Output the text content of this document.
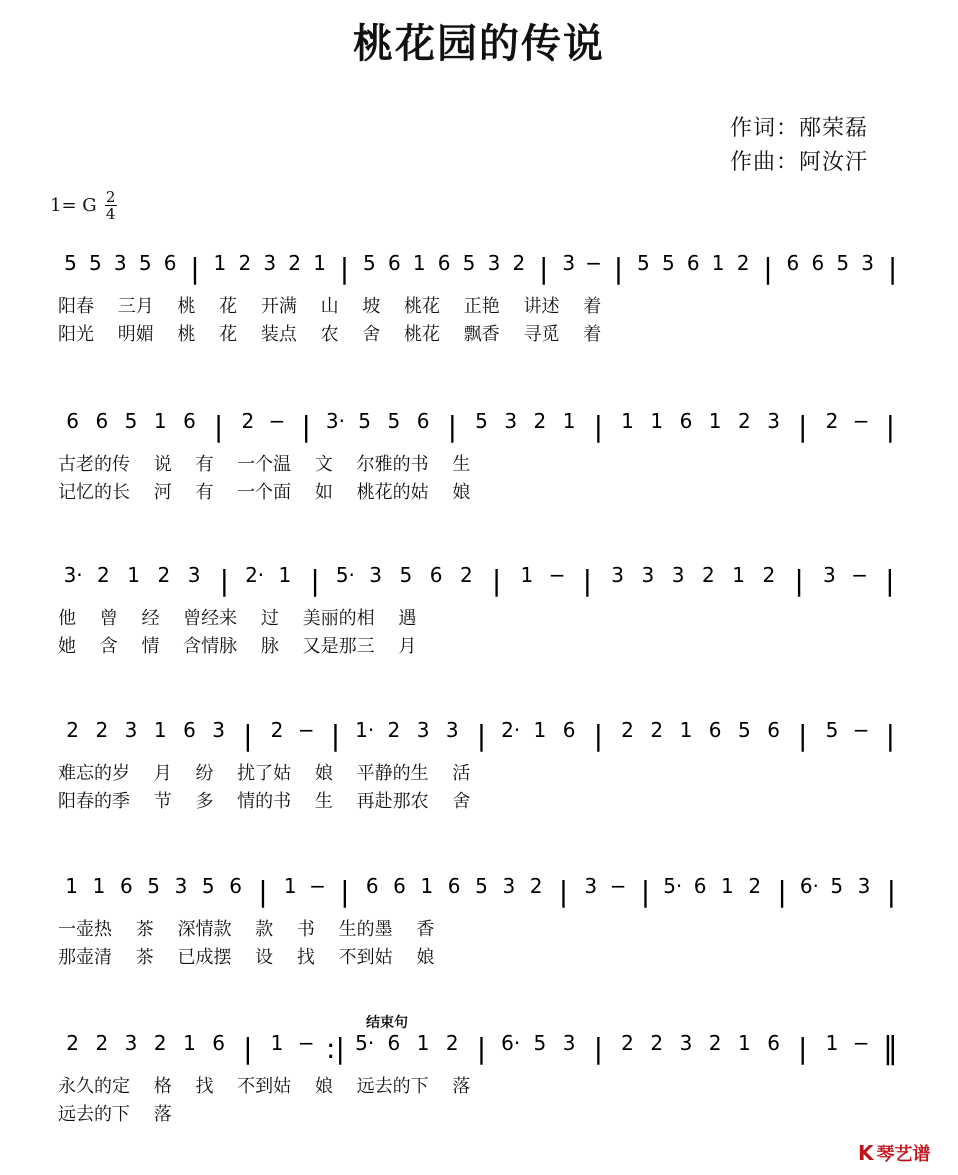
桃花园的传说
作词：邴荣磊
作曲：阿汝汗
1= G 2
4
结束句
5 5 3 5 6 | 1 2 3 2 1 | 5 6 1 6 5 3 2 | 3 − | 5 5 6 1 2 | 6 6 5 3 |
6 6 5 1 6 | 2 − | 3· 5 5 6 | 5 3 2 1 | 1 1 6 1 2 3 | 2 − |
3· 2 1 2 3 | 2· 1 | 5· 3 5 6 2 | 1 − | 3 3 3 2 1 2 | 3 − |
2 2 3 1 6 3 | 2 − | 1· 2 3 3 | 2· 1 6 | 2 2 1 6 5 6 | 5 − |
1 1 6 5 3 5 6 | 1 − | 6 6 1 6 5 3 2 | 3 − | 5· 6 1 2 | 6· 5 3 |
2 2 3 2 1 6 | 1 − :| 5· 6 1 2 | 6· 5 3 | 2 2 3 2 1 6 | 1 − ‖
阳春 三月 桃 花 开满 山 坡 桃花 正艳 讲述 着
阳光 明媚 桃 花 装点 农 舍 桃花 飘香 寻觅 着
古老的传 说 有 一个温 文 尔雅的书 生
记忆的长 河 有 一个面 如 桃花的姑 娘
他 曾 经 曾经来 过 美丽的相 遇
她 含 情 含情脉 脉 又是那三 月
难忘的岁 月 纷 扰了姑 娘 平静的生 活
阳春的季 节 多 情的书 生 再赴那农 舍
一壶热 茶 深情款 款 书 生的墨 香
那壶清 茶 已成摆 设 找 不到姑 娘
永久的定 格 找 不到姑 娘 远去的下 落
远去的下 落
K 琴艺谱
